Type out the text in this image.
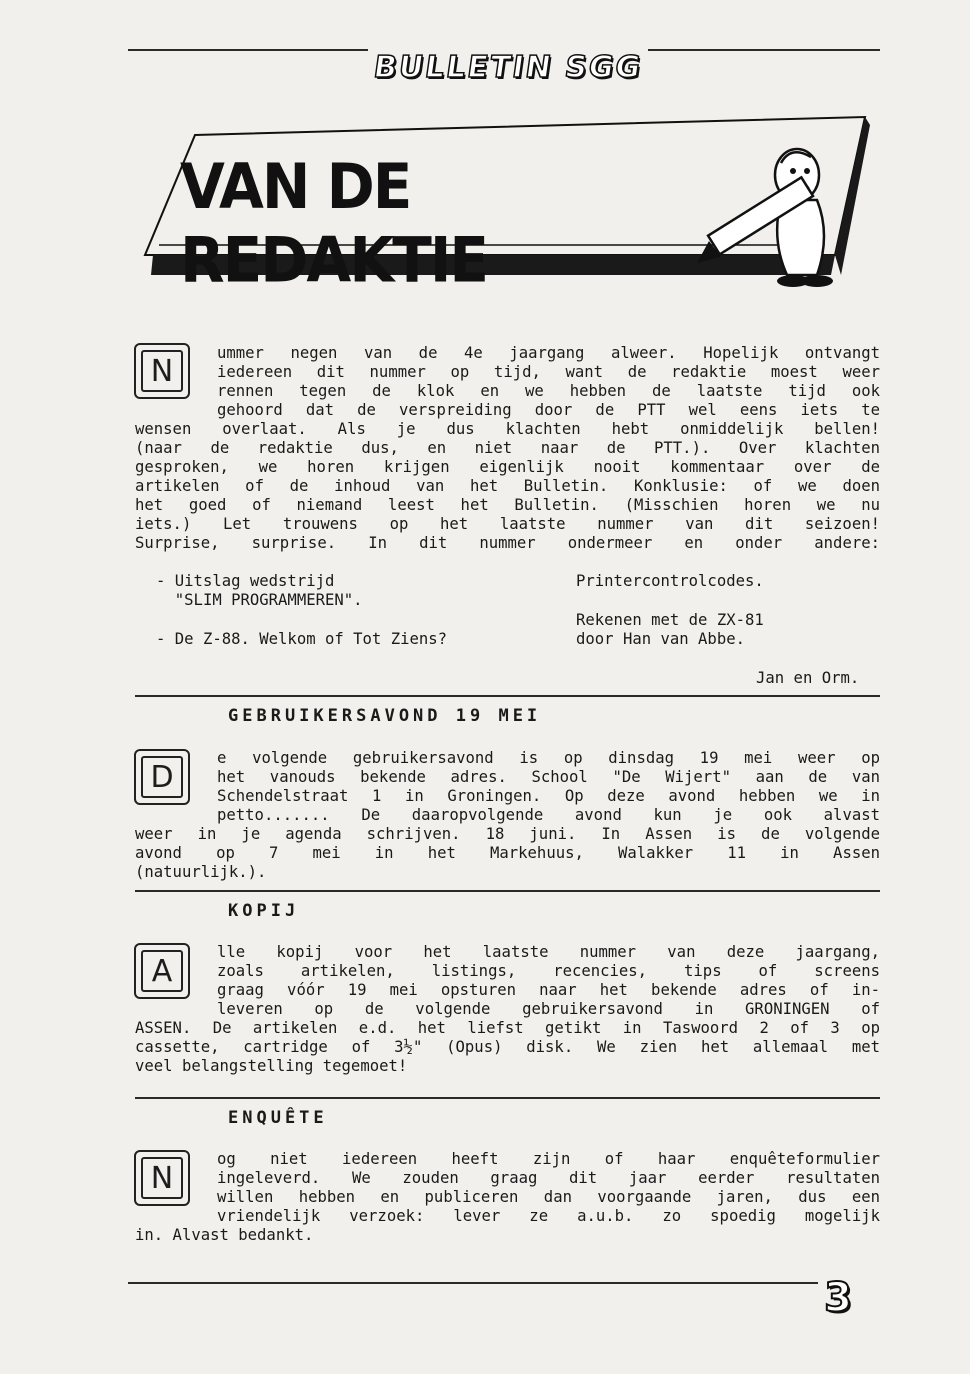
BULLETIN SGG
VAN DE REDAKTIE
N
ummer negen van de 4e jaargang alweer. Hopelijk ontvangt
iedereen dit nummer op tijd, want de redaktie moest weer
rennen tegen de klok en we hebben de laatste tijd ook
gehoord dat de verspreiding door de PTT wel eens iets te
wensen overlaat. Als je dus klachten hebt onmiddelijk bellen!
(naar de redaktie dus, en niet naar de PTT.). Over klachten
gesproken, we horen krijgen eigenlijk nooit kommentaar over de
artikelen of de inhoud van het Bulletin. Konklusie: of we doen
het goed of niemand leest het Bulletin. (Misschien horen we nu
iets.) Let trouwens op het laatste nummer van dit seizoen!
Surprise, surprise. In dit nummer ondermeer en onder andere:
- Uitslag wedstrijd
"SLIM PROGRAMMEREN".
- De Z-88. Welkom of Tot Ziens?
Printercontrolcodes.
Rekenen met de ZX-81
door Han van Abbe.
Jan en Orm.
GEBRUIKERSAVOND 19 MEI
D
e volgende gebruikersavond is op dinsdag 19 mei weer op
het vanouds bekende adres. School "De Wijert" aan de van
Schendelstraat 1 in Groningen. Op deze avond hebben we in
petto....... De daaropvolgende avond kun je ook alvast
weer in je agenda schrijven. 18 juni. In Assen is de volgende
avond op 7 mei in het Markehuus, Walakker 11 in Assen
(natuurlijk.).
KOPIJ
A
lle kopij voor het laatste nummer van deze jaargang,
zoals artikelen, listings, recencies, tips of screens
graag vóór 19 mei opsturen naar het bekende adres of in-
leveren op de volgende gebruikersavond in GRONINGEN of
ASSEN. De artikelen e.d. het liefst getikt in Taswoord 2 of 3 op
cassette, cartridge of 3½" (Opus) disk. We zien het allemaal met
veel belangstelling tegemoet!
ENQUÊTE
N
og niet iedereen heeft zijn of haar enquêteformulier
ingeleverd. We zouden graag dit jaar eerder resultaten
willen hebben en publiceren dan voorgaande jaren, dus een
vriendelijk verzoek: lever ze a.u.b. zo spoedig mogelijk
in. Alvast bedankt.
3
